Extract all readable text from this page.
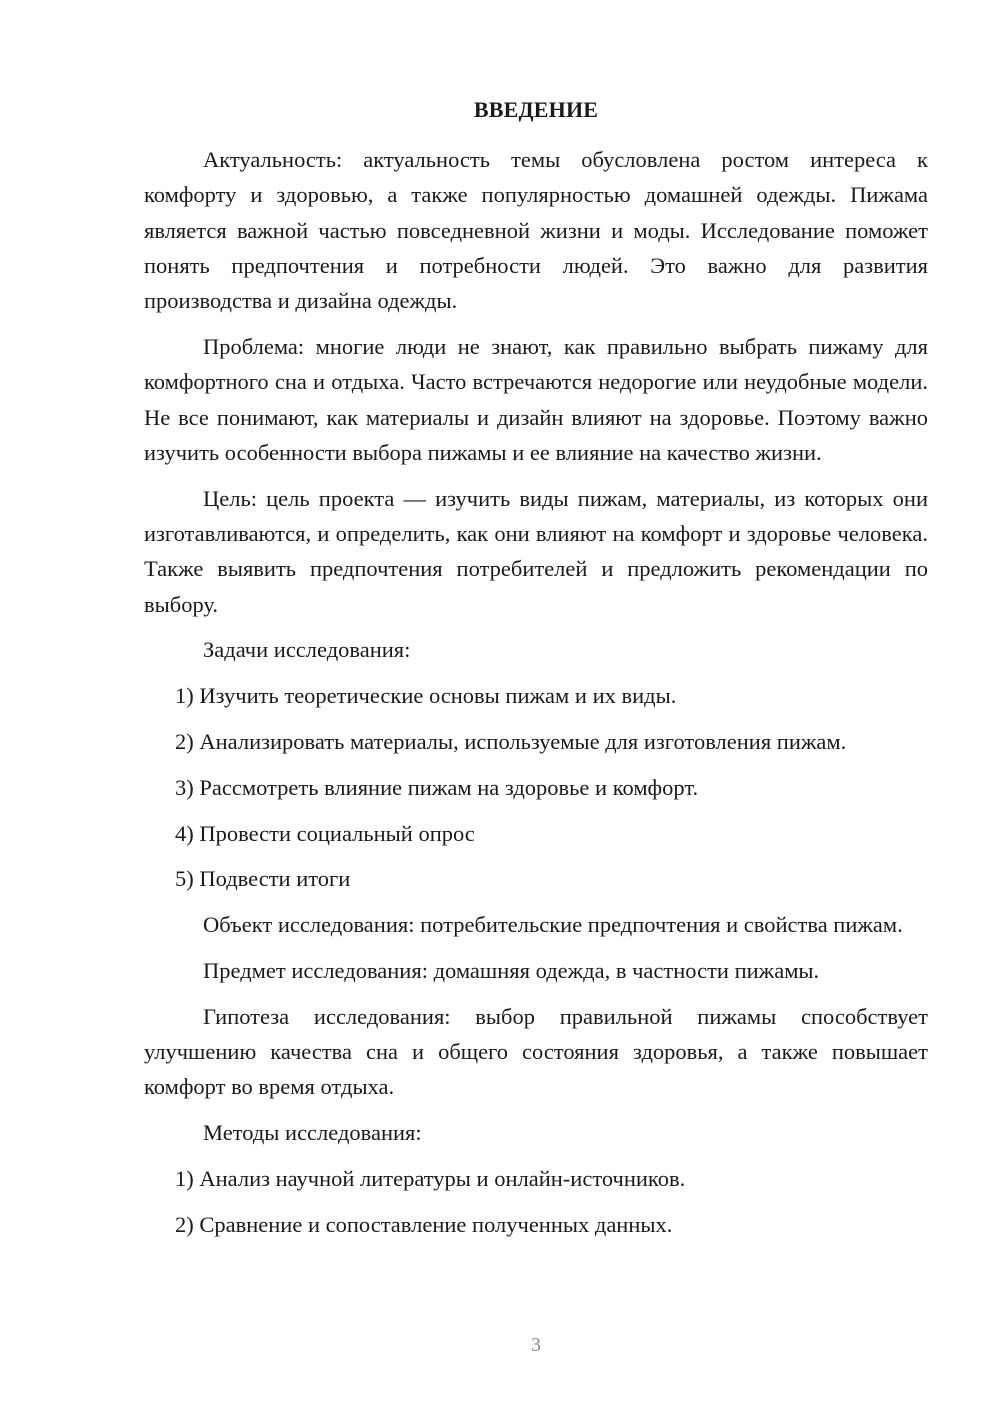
ВВЕДЕНИЕ

Актуальность: актуальность темы обусловлена ростом интереса к комфорту и здоровью, а также популярностью домашней одежды. Пижама является важной частью повседневной жизни и моды. Исследование поможет понять предпочтения и потребности людей. Это важно для развития производства и дизайна одежды.

Проблема: многие люди не знают, как правильно выбрать пижаму для комфортного сна и отдыха. Часто встречаются недорогие или неудобные модели. Не все понимают, как материалы и дизайн влияют на здоровье. Поэтому важно изучить особенности выбора пижамы и ее влияние на качество жизни.

Цель: цель проекта — изучить виды пижам, материалы, из которых они изготавливаются, и определить, как они влияют на комфорт и здоровье человека. Также выявить предпочтения потребителей и предложить рекомендации по выбору.

Задачи исследования:

1) Изучить теоретические основы пижам и их виды.

2) Анализировать материалы, используемые для изготовления пижам.

3) Рассмотреть влияние пижам на здоровье и комфорт.

4) Провести социальный опрос

5) Подвести итоги

Объект исследования: потребительские предпочтения и свойства пижам.

Предмет исследования: домашняя одежда, в частности пижамы.

Гипотеза исследования: выбор правильной пижамы способствует улучшению качества сна и общего состояния здоровья, а также повышает комфорт во время отдыха.

Методы исследования:

1) Анализ научной литературы и онлайн-источников.

2) Сравнение и сопоставление полученных данных.

3
